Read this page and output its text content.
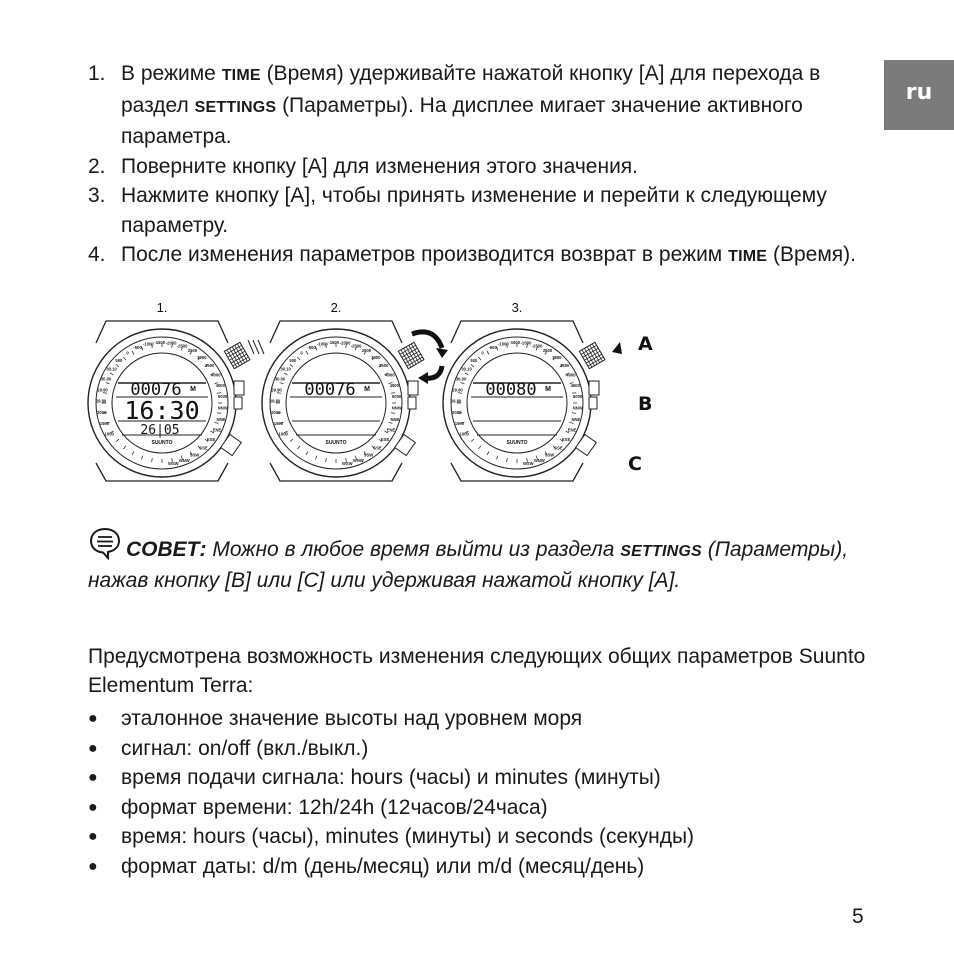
ru
1. В режиме TIME (Время) удерживайте нажатой кнопку [A] для перехода в раздел SETTINGS (Параметры). На дисплее мигает значение активного параметра.
2. Поверните кнопку [A] для изменения этого значения.
3. Нажмите кнопку [A], чтобы принять изменение и перейти к следующему параметру.
4. После изменения параметров производится возврат в режим TIME (Время).
1000
1500
2000
29.80
29.90
30.00
30.10
500
0
-500
-1000 -1500 -2000
-2500
2500
3000
3500
4000
4500
5000
NNW
NNE
ENE
ESE
SSE
SSW
WNW
WSW
1.
00076 M
16:30
26|05
SUUNTO
1000
1500
2000
29.80
29.90
30.00
30.10
500
0
-500
-1000 -1500 -2000
-2500
2500
3000
3500
4000
4500
5000
NNW
NNE
ENE
ESE
SSE
SSW
WNW
WSW
2.
00076 M
SUUNTO
1000
1500
2000
29.80
29.90
30.00
30.10
500
0
-500
-1000 -1500 -2000
-2500
2500
3000
3500
4000
4500
5000
NNW
NNE
ENE
ESE
SSE
SSW
WNW
WSW
3.
00080 M
SUUNTO
A
B
C
СОВЕТ: Можно в любое время выйти из раздела SETTINGS (Параметры), нажав кнопку [B] или [C] или удерживая нажатой кнопку [A].
Предусмотрена возможность изменения следующих общих параметров Suunto Elementum Terra:
● эталонное значение высоты над уровнем моря
● сигнал: on/off (вкл./выкл.)
● время подачи сигнала: hours (часы) и minutes (минуты)
● формат времени: 12h/24h (12часов/24часа)
● время: hours (часы), minutes (минуты) и seconds (секунды)
● формат даты: d/m (день/месяц) или m/d (месяц/день)
5
